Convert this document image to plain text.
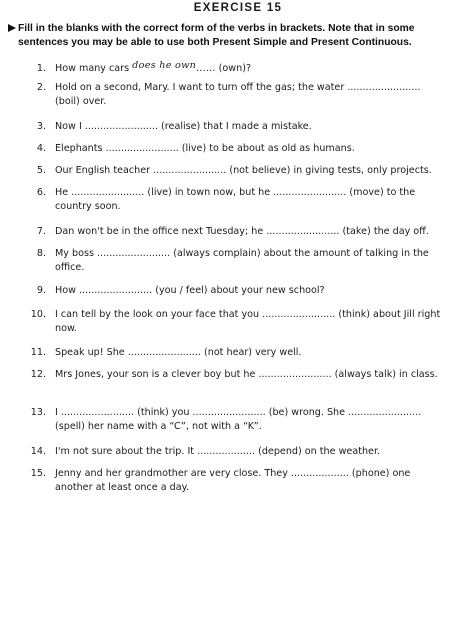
EXERCISE 15

Fill in the blanks with the correct form of the verbs in brackets. Note that in some sentences you may be able to use both Present Simple and Present Continuous.

1. How many cars does he own...... (own)?
2. Hold on a second, Mary. I want to turn off the gas; the water ........................ (boil) over.
3. Now I ........................ (realise) that I made a mistake.
4. Elephants ........................ (live) to be about as old as humans.
5. Our English teacher ........................ (not believe) in giving tests, only projects.
6. He ........................ (live) in town now, but he ........................ (move) to the country soon.
7. Dan won't be in the office next Tuesday; he ........................ (take) the day off.
8. My boss ........................ (always complain) about the amount of talking in the office.
9. How ........................ (you / feel) about your new school?
10. I can tell by the look on your face that you ........................ (think) about Jill right now.
11. Speak up! She ........................ (not hear) very well.
12. Mrs Jones, your son is a clever boy but he ........................ (always talk) in class.
13. I ........................ (think) you ........................ (be) wrong. She ........................ (spell) her name with a “C”, not with a “K”.
14. I'm not sure about the trip. It ................... (depend) on the weather.
15. Jenny and her grandmother are very close. They ................... (phone) one another at least once a day.
